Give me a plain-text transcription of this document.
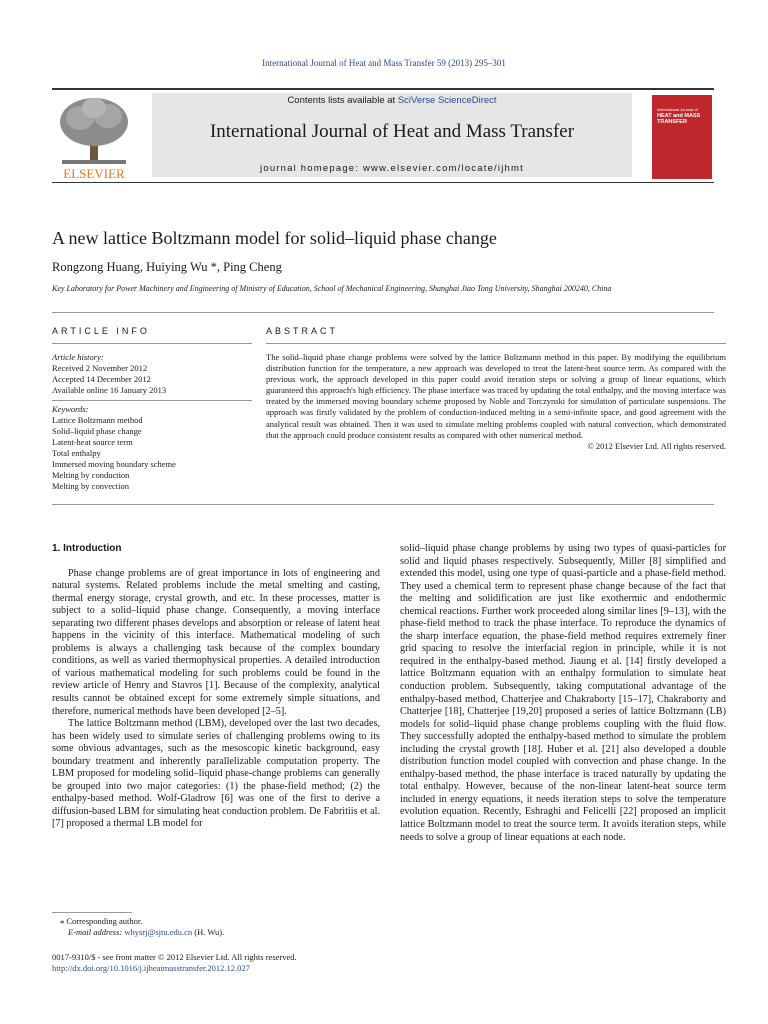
International Journal of Heat and Mass Transfer 59 (2013) 295–301
ELSEVIER
Contents lists available at SciVerse ScienceDirect
International Journal of Heat and Mass Transfer
journal homepage: www.elsevier.com/locate/ijhmt
International Journal of
HEAT and MASS
TRANSFER
A new lattice Boltzmann model for solid–liquid phase change
Rongzong Huang, Huiying Wu *, Ping Cheng
Key Laboratory for Power Machinery and Engineering of Ministry of Education, School of Mechanical Engineering, Shanghai Jiao Tong University, Shanghai 200240, China
ARTICLE INFO	ABSTRACT
Article history:
Received 2 November 2012
Accepted 14 December 2012
Available online 16 January 2013
Keywords:
Lattice Boltzmann method
Solid–liquid phase change
Latent-heat source term
Total enthalpy
Immersed moving boundary scheme
Melting by conduction
Melting by convection
The solid–liquid phase change problems were solved by the lattice Boltzmann method in this paper. By modifying the equilibrium distribution function for the temperature, a new approach was developed to treat the latent-heat source term. As compared with the previous work, the approach developed in this paper could avoid iteration steps or solving a group of linear equations, which guaranteed this approach's high efficiency. The phase interface was traced by updating the total enthalpy, and the moving interface was treated by the immersed moving boundary scheme proposed by Noble and Torczynski for simulation of particulate suspensions. The approach was firstly validated by the problem of conduction-induced melting in a semi-infinite space, and good agreement with the analytical result was obtained. Then it was used to simulate melting problems coupled with natural convection, which demonstrated that the approach could produce consistent results as compared with other numerical method.
© 2012 Elsevier Ltd. All rights reserved.
1. Introduction

Phase change problems are of great importance in lots of engineering and natural systems. Related problems include the metal smelting and casting, thermal energy storage, crystal growth, and etc. In these processes, matter is subject to a solid–liquid phase change. Consequently, a moving interface separating two different phases develops and absorption or release of latent heat happens in the vicinity of this interface. Mathematical modeling of such problems is always a challenging task because of the complex boundary conditions, as well as varied thermophysical properties. A detailed introduction of various mathematical modeling for such problems could be found in the review article of Henry and Stavros [1]. Because of the complexity, analytical results cannot be obtained except for some extremely simple situations, and therefore, numerical methods have been developed [2–5].

The lattice Boltzmann method (LBM), developed over the last two decades, has been widely used to simulate series of challenging problems owing to its some obvious advantages, such as the mesoscopic kinetic background, easy boundary treatment and inherently parallelizable computation property. The LBM proposed for modeling solid–liquid phase-change problems can generally be grouped into two major categories: (1) the phase-field method; (2) the enthalpy-based method. Wolf-Gladrow [6] was one of the first to derive a diffusion-based LBM for simulating heat conduction problem. De Fabritiis et al. [7] proposed a thermal LB model for

solid–liquid phase change problems by using two types of quasi-particles for solid and liquid phases respectively. Subsequently, Miller [8] simplified and extended this model, using one type of quasi-particle and a phase-field method. They used a chemical term to represent phase change because of the fact that the melting and solidification are just like exothermic and endothermic chemical reactions. Further work proceeded along similar lines [9–13], with the phase-field method to track the phase interface. To reproduce the dynamics of the sharp interface equation, the phase-field method requires extremely finer grid spacing to resolve the interfacial region in principle, while it is not required in the enthalpy-based method. Jiaung et al. [14] firstly developed a lattice Boltzmann equation with an enthalpy formulation to simulate heat conduction problem. Subsequently, taking computational advantage of the enthalpy-based method, Chatterjee and Chakraborty [15–17], Chakraborty and Chatterjee [18], Chatterjee [19,20] proposed a series of lattice Boltzmann (LB) models for solid–liquid phase change problems coupling with the fluid flow. They successfully adopted the enthalpy-based method to simulate the problem including the crystal growth [18]. Huber et al. [21] also developed a double distribution function model coupled with convection and phase change. In the enthalpy-based method, the phase interface is traced naturally by updating the total enthalpy. However, because of the non-linear latent-heat source term included in energy equations, it needs iteration steps to solve the temperature evolution equation. Recently, Eshraghi and Felicelli [22] proposed an implicit lattice Boltzmann model to treat the source term. It avoids iteration steps, while needs to solve a group of linear equations at each node.

⁎ Corresponding author.
E-mail address: whysrj@sjtu.edu.cn (H. Wu).
0017-9310/$ - see front matter © 2012 Elsevier Ltd. All rights reserved.
http://dx.doi.org/10.1016/j.ijheatmasstransfer.2012.12.027
